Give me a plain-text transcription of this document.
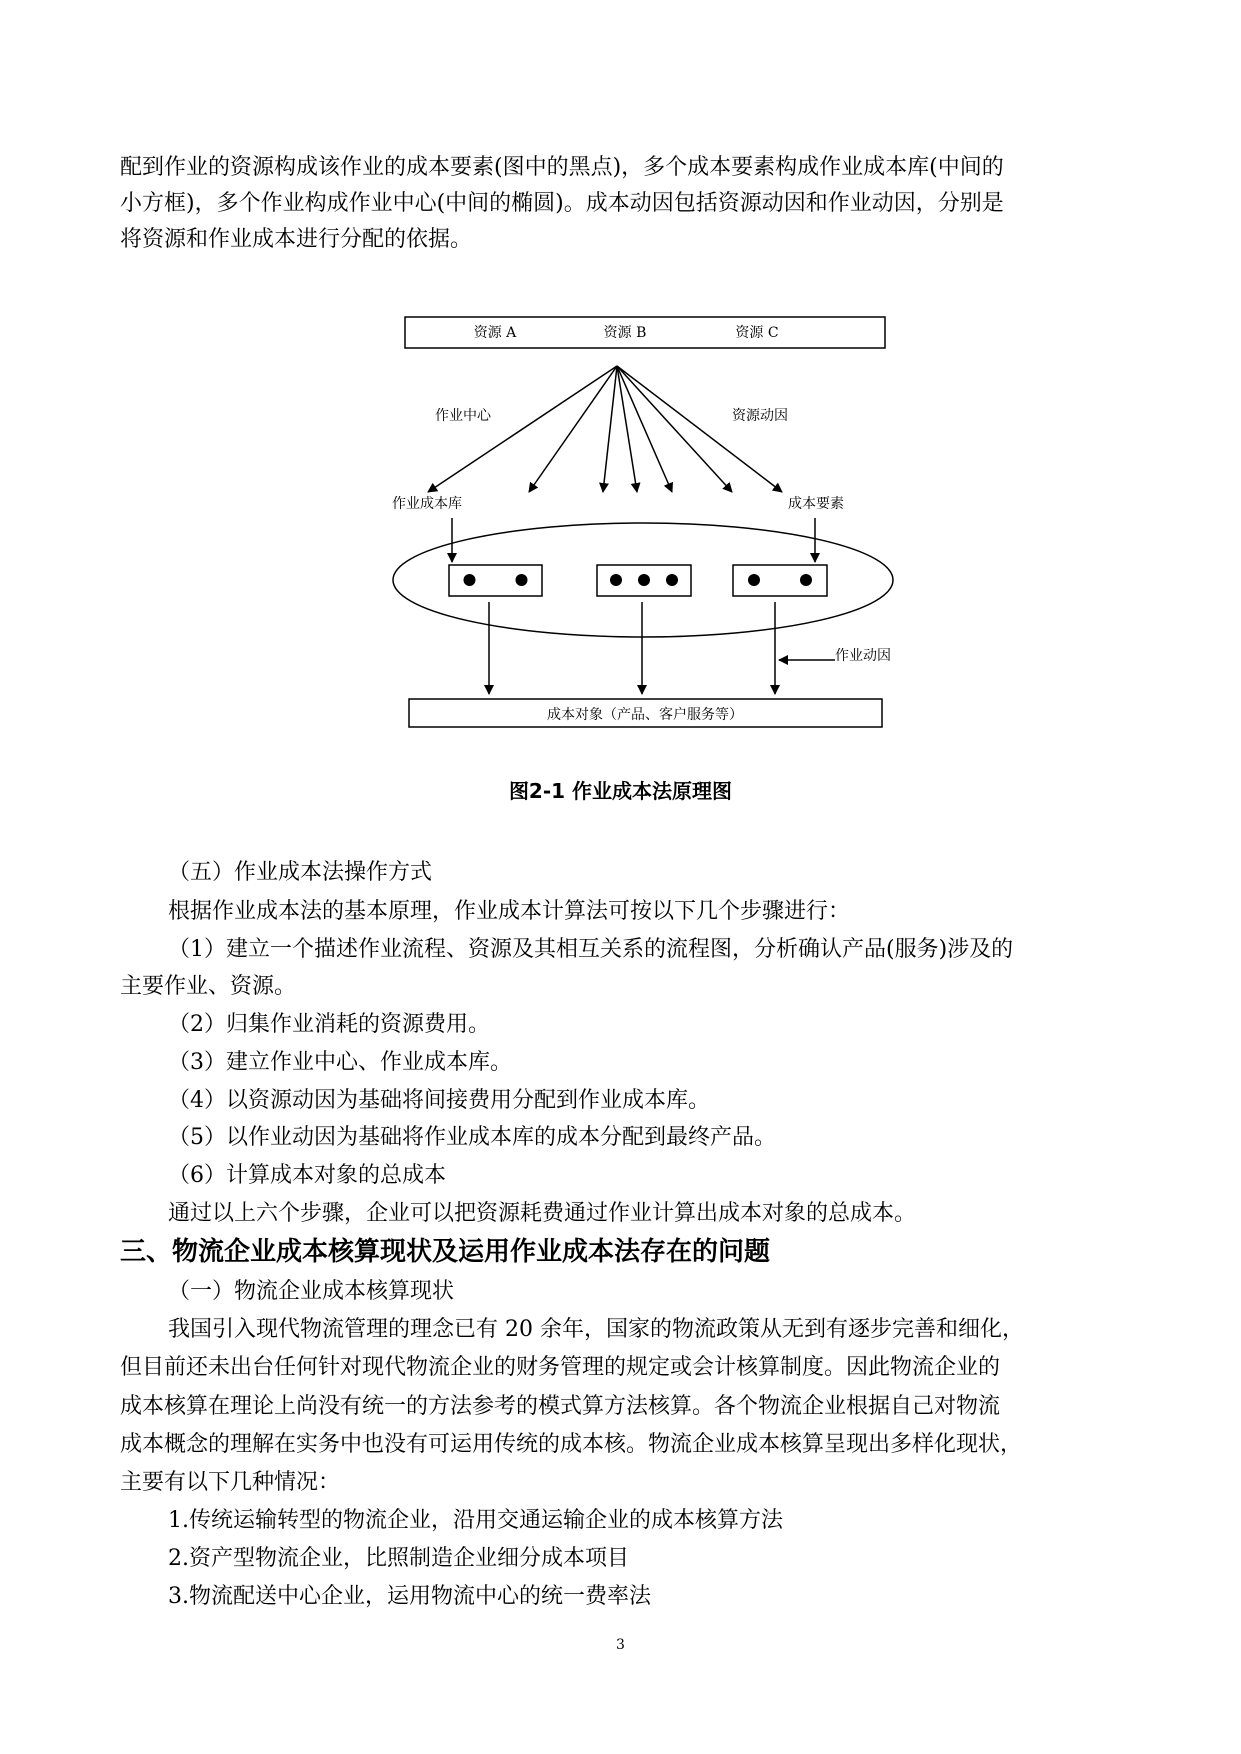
配到作业的资源构成该作业的成本要素(图中的黑点)，多个成本要素构成作业成本库(中间的
小方框)，多个作业构成作业中心(中间的椭圆)。成本动因包括资源动因和作业动因，分别是
将资源和作业成本进行分配的依据。
资源 A	资源 B	资源 C
作业中心	资源动因
作业成本库	成本要素
作业动因
成本对象（产品、客户服务等）
图2-1 作业成本法原理图
（五）作业成本法操作方式
根据作业成本法的基本原理，作业成本计算法可按以下几个步骤进行：
（1）建立一个描述作业流程、资源及其相互关系的流程图，分析确认产品(服务)涉及的
主要作业、资源。
（2）归集作业消耗的资源费用。
（3）建立作业中心、作业成本库。
（4）以资源动因为基础将间接费用分配到作业成本库。
（5）以作业动因为基础将作业成本库的成本分配到最终产品。
（6）计算成本对象的总成本
通过以上六个步骤，企业可以把资源耗费通过作业计算出成本对象的总成本。
三、物流企业成本核算现状及运用作业成本法存在的问题
（一）物流企业成本核算现状
我国引入现代物流管理的理念已有 20 余年，国家的物流政策从无到有逐步完善和细化，
但目前还未出台任何针对现代物流企业的财务管理的规定或会计核算制度。因此物流企业的
成本核算在理论上尚没有统一的方法参考的模式算方法核算。各个物流企业根据自己对物流
成本概念的理解在实务中也没有可运用传统的成本核。物流企业成本核算呈现出多样化现状，
主要有以下几种情况：
1.传统运输转型的物流企业，沿用交通运输企业的成本核算方法
2.资产型物流企业，比照制造企业细分成本项目
3.物流配送中心企业，运用物流中心的统一费率法
3
